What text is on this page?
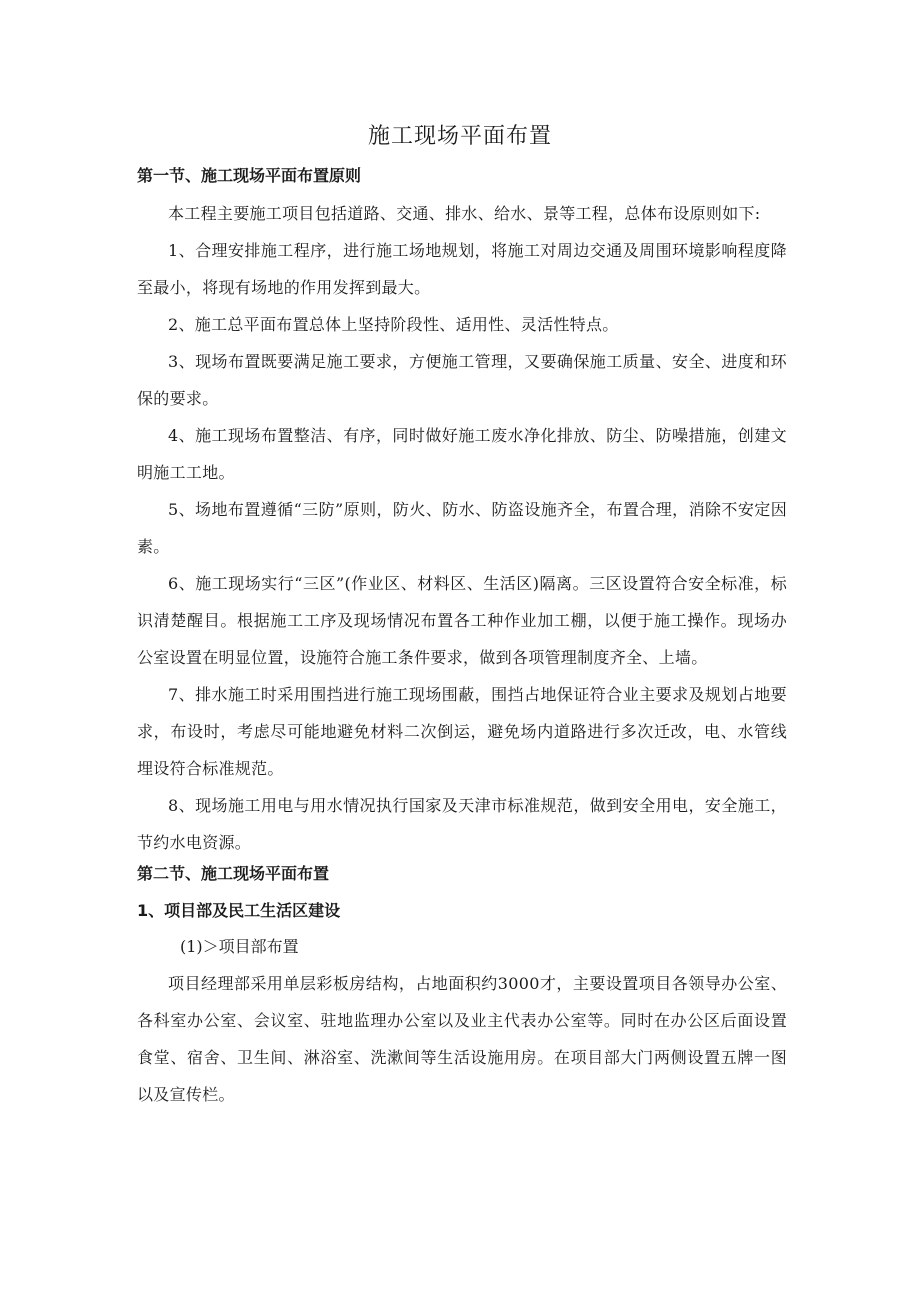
施工现场平面布置
第一节、施工现场平面布置原则
本工程主要施工项目包括道路、交通、排水、给水、景等工程，总体布设原则如下:
1、合理安排施工程序，进行施工场地规划，将施工对周边交通及周围环境影响程度降至最小，将现有场地的作用发挥到最大。
2、施工总平面布置总体上坚持阶段性、适用性、灵活性特点。
3、现场布置既要满足施工要求，方便施工管理，又要确保施工质量、安全、进度和环保的要求。
4、施工现场布置整洁、有序，同时做好施工废水净化排放、防尘、防噪措施，创建文明施工工地。
5、场地布置遵循“三防”原则，防火、防水、防盗设施齐全，布置合理，消除不安定因素。
6、施工现场实行“三区”(作业区、材料区、生活区)隔离。三区设置符合安全标准，标识清楚醒目。根据施工工序及现场情况布置各工种作业加工棚，以便于施工操作。现场办公室设置在明显位置，设施符合施工条件要求，做到各项管理制度齐全、上墙。
7、排水施工时采用围挡进行施工现场围蔽，围挡占地保证符合业主要求及规划占地要求，布设时，考虑尽可能地避免材料二次倒运，避免场内道路进行多次迁改，电、水管线埋设符合标准规范。
8、现场施工用电与用水情况执行国家及天津市标准规范，做到安全用电，安全施工，节约水电资源。
第二节、施工现场平面布置
1、项目部及民工生活区建设
(1)＞项目部布置
项目经理部采用单层彩板房结构，占地面积约3000才，主要设置项目各领导办公室、各科室办公室、会议室、驻地监理办公室以及业主代表办公室等。同时在办公区后面设置食堂、宿舍、卫生间、淋浴室、洗漱间等生活设施用房。在项目部大门两侧设置五牌一图以及宣传栏。
